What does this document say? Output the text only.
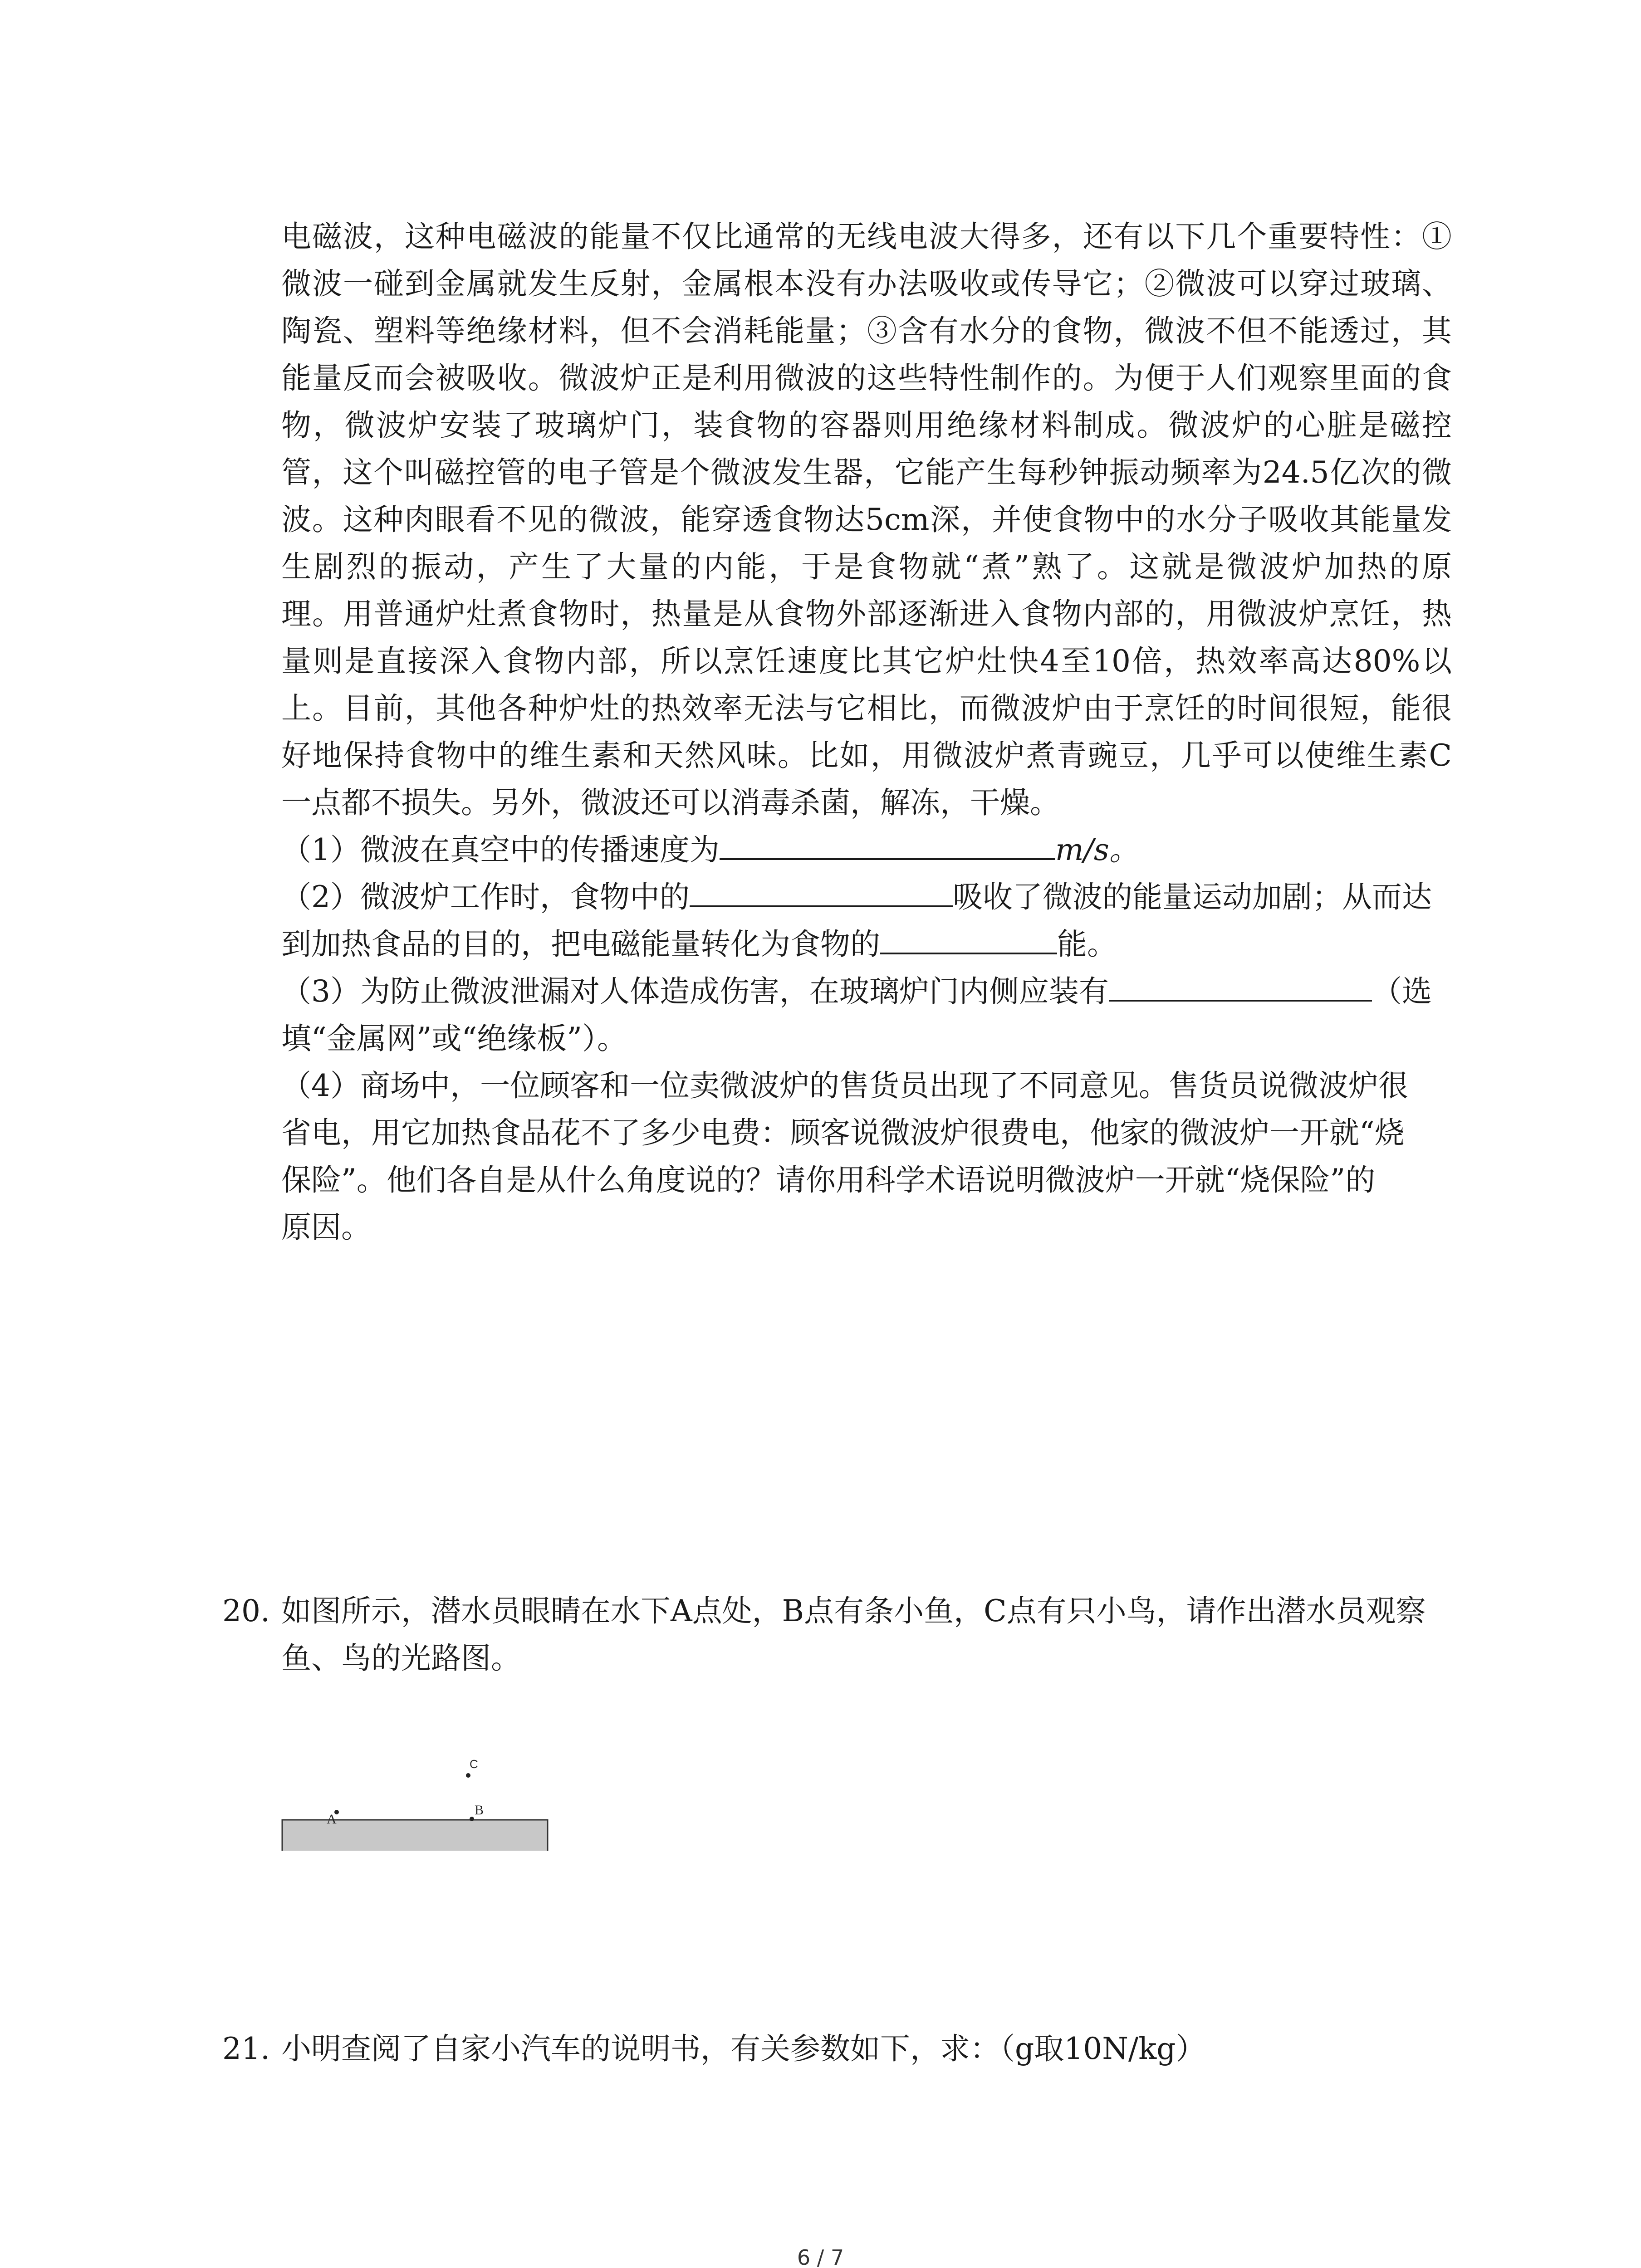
电磁波，这种电磁波的能量不仅比通常的无线电波大得多，还有以下几个重要特性：①
微波一碰到金属就发生反射，金属根本没有办法吸收或传导它；②微波可以穿过玻璃、
陶瓷、塑料等绝缘材料，但不会消耗能量；③含有水分的食物，微波不但不能透过，其
能量反而会被吸收。微波炉正是利用微波的这些特性制作的。为便于人们观察里面的食
物，微波炉安装了玻璃炉门，装食物的容器则用绝缘材料制成。微波炉的心脏是磁控
管，这个叫磁控管的电子管是个微波发生器，它能产生每秒钟振动频率为24.5亿次的微
波。这种肉眼看不见的微波，能穿透食物达5cm深，并使食物中的水分子吸收其能量发
生剧烈的振动，产生了大量的内能，于是食物就“煮”熟了。这就是微波炉加热的原
理。用普通炉灶煮食物时，热量是从食物外部逐渐进入食物内部的，用微波炉烹饪，热
量则是直接深入食物内部，所以烹饪速度比其它炉灶快4至10倍，热效率高达80%以
上。目前，其他各种炉灶的热效率无法与它相比，而微波炉由于烹饪的时间很短，能很
好地保持食物中的维生素和天然风味。比如，用微波炉煮青豌豆，几乎可以使维生素C
一点都不损失。另外，微波还可以消毒杀菌，解冻，干燥。
（1）微波在真空中的传播速度为	m/s。
（2）微波炉工作时，食物中的	吸收了微波的能量运动加剧；从而达
到加热食品的目的，把电磁能量转化为食物的	能。
（3）为防止微波泄漏对人体造成伤害，在玻璃炉门内侧应装有	（选
填“金属网”或“绝缘板”）。
（4）商场中，一位顾客和一位卖微波炉的售货员出现了不同意见。售货员说微波炉很
省电，用它加热食品花不了多少电费：顾客说微波炉很费电，他家的微波炉一开就“烧
保险”。他们各自是从什么角度说的？请你用科学术语说明微波炉一开就“烧保险”的
原因。
20. 如图所示，潜水员眼睛在水下A点处，B点有条小鱼，C点有只小鸟，请作出潜水员观察
鱼、鸟的光路图。
C
A
B
21. 小明查阅了自家小汽车的说明书，有关参数如下，求：（g取10N/kg）
6 / 7
